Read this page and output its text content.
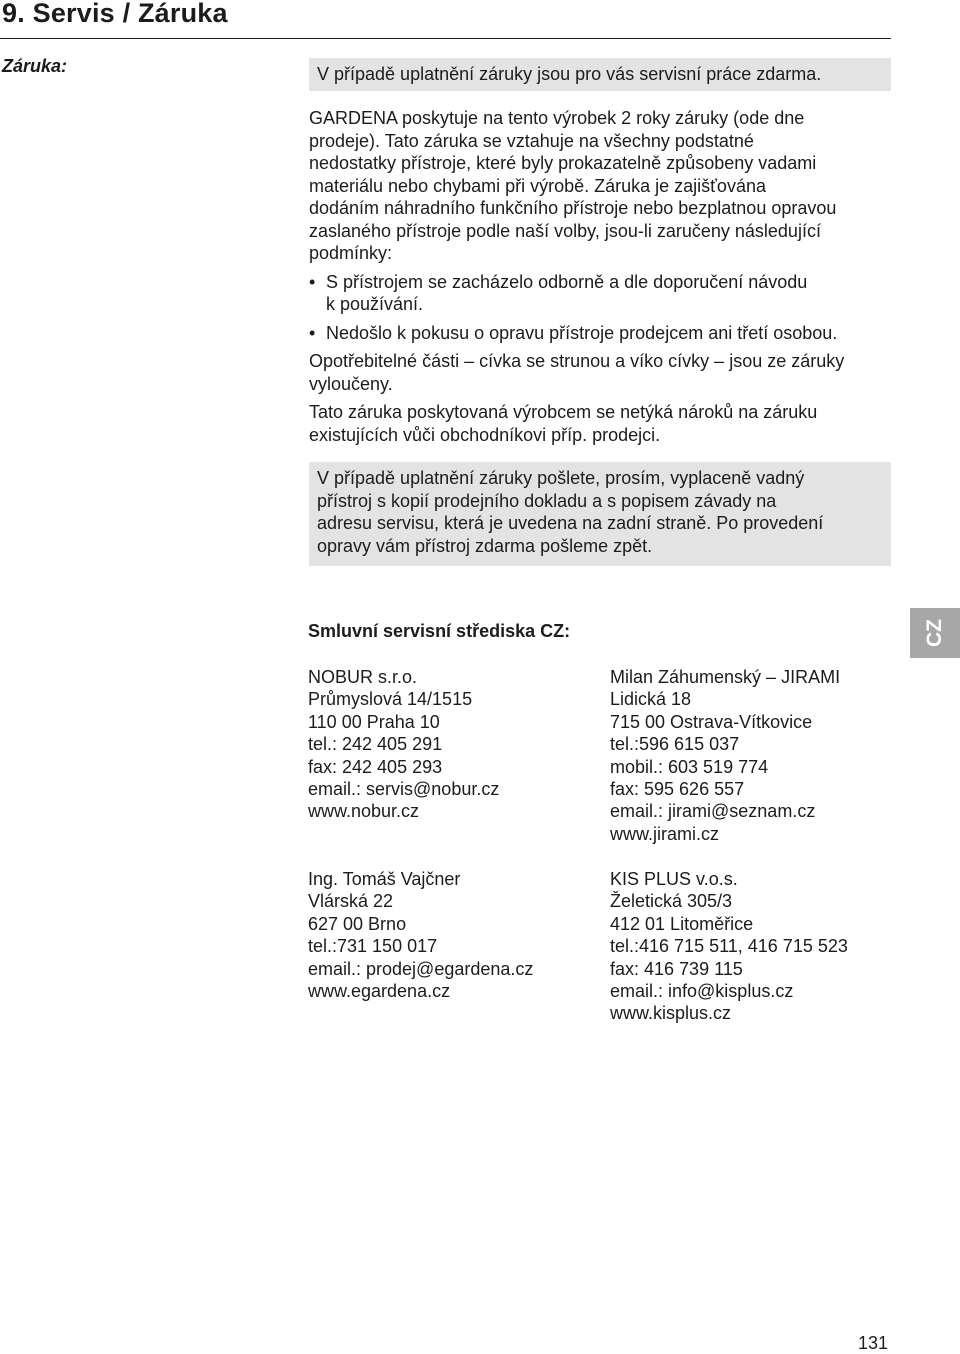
9. Servis / Záruka
Záruka:	V případě uplatnění záruky jsou pro vás servisní práce zdarma.
GARDENA poskytuje na tento výrobek 2 roky záruky (ode dne
prodeje). Tato záruka se vztahuje na všechny podstatné
nedostatky přístroje, které byly prokazatelně způsobeny vadami
materiálu nebo chybami při výrobě. Záruka je zajišťována
dodáním náhradního funkčního přístroje nebo bezplatnou opravou
zaslaného přístroje podle naší volby, jsou-li zaručeny následující
podmínky:
• S přístrojem se zacházelo odborně a dle doporučení návodu
k používání.
• Nedošlo k pokusu o opravu přístroje prodejcem ani třetí osobou.
Opotřebitelné části – cívka se strunou a víko cívky – jsou ze záruky
vyloučeny.
Tato záruka poskytovaná výrobcem se netýká nároků na záruku
existujících vůči obchodníkovi příp. prodejci.
V případě uplatnění záruky pošlete, prosím, vyplaceně vadný
přístroj s kopií prodejního dokladu a s popisem závady na
adresu servisu, která je uvedena na zadní straně. Po provedení
opravy vám přístroj zdarma pošleme zpět.
Smluvní servisní střediska CZ:	CZ
NOBUR s.r.o.
Průmyslová 14/1515
110 00 Praha 10
tel.: 242 405 291
fax: 242 405 293
email.: servis@nobur.cz
www.nobur.cz
Milan Záhumenský – JIRAMI
Lidická 18
715 00 Ostrava-Vítkovice
tel.:596 615 037
mobil.: 603 519 774
fax: 595 626 557
email.: jirami@seznam.cz
www.jirami.cz
Ing. Tomáš Vajčner
Vlárská 22
627 00 Brno
tel.:731 150 017
email.: prodej@egardena.cz
www.egardena.cz
KIS PLUS v.o.s.
Želetická 305/3
412 01 Litoměřice
tel.:416 715 511, 416 715 523
fax: 416 739 115
email.: info@kisplus.cz
www.kisplus.cz
131
